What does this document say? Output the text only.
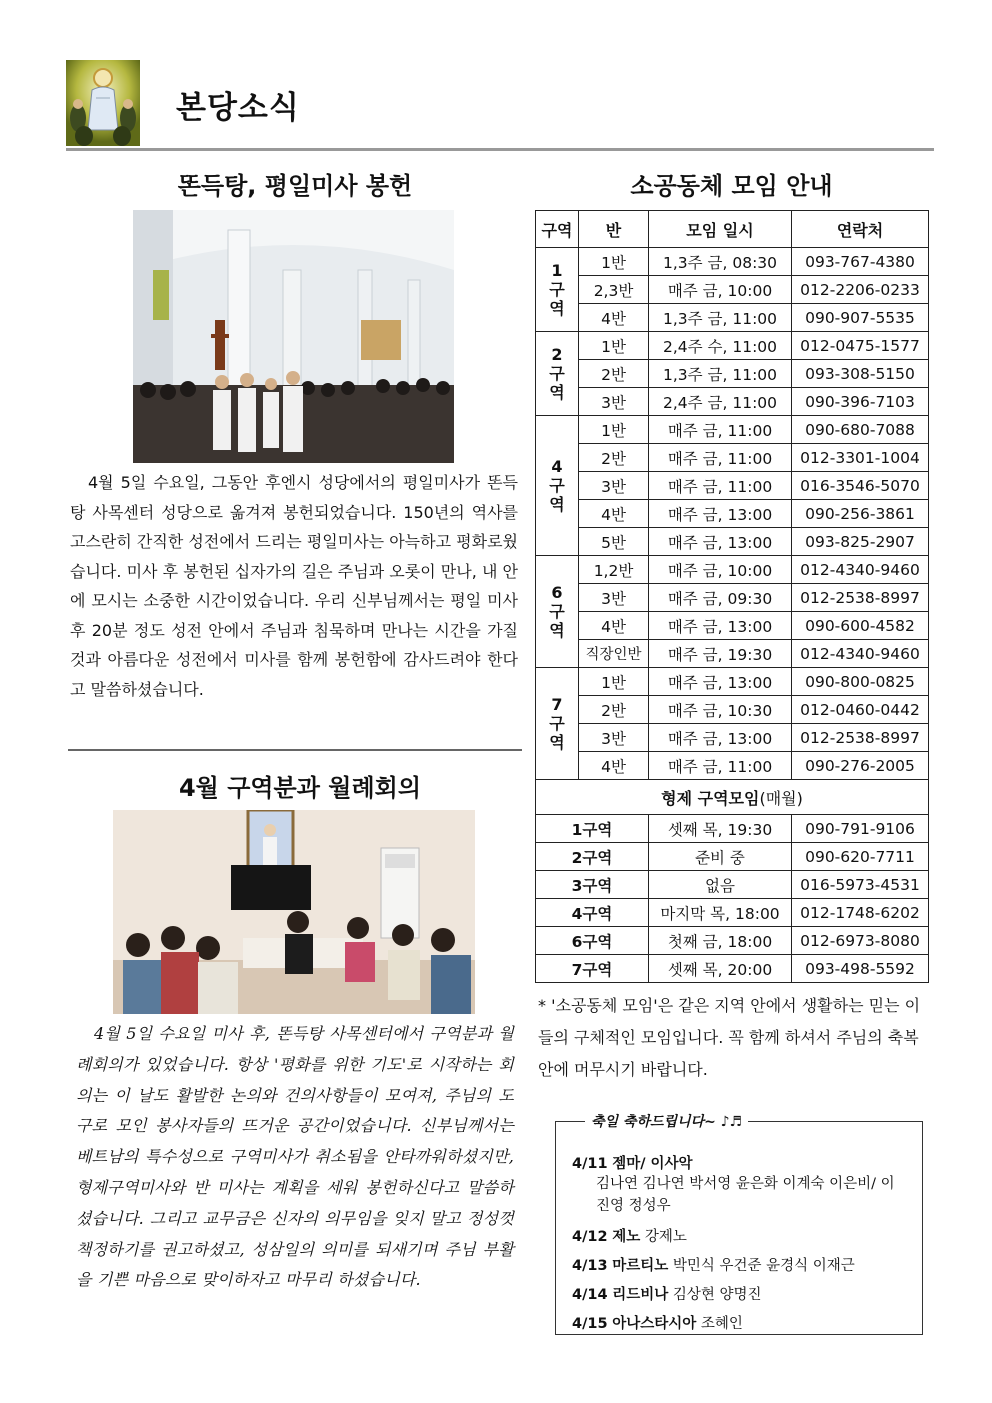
본당소식
똔득탕, 평일미사 봉헌

4월 5일 수요일, 그동안 후엔시 성당에서의 평일미사가 똔득탕 사목센터 성당으로 옮겨져 봉헌되었습니다. 150년의 역사를 고스란히 간직한 성전에서 드리는 평일미사는 아늑하고 평화로웠습니다. 미사 후 봉헌된 십자가의 길은 주님과 오롯이 만나, 내 안에 모시는 소중한 시간이었습니다. 우리 신부님께서는 평일 미사 후 20분 정도 성전 안에서 주님과 침묵하며 만나는 시간을 가질 것과 아름다운 성전에서 미사를 함께 봉헌함에 감사드려야 한다고 말씀하셨습니다.

4월 구역분과 월례회의

4월 5일 수요일 미사 후, 똔득탕 사목센터에서 구역분과 월례회의가 있었습니다. 항상 '평화를 위한 기도'로 시작하는 회의는 이 날도 활발한 논의와 건의사항들이 모여져, 주님의 도구로 모인 봉사자들의 뜨거운 공간이었습니다. 신부님께서는 베트남의 특수성으로 구역미사가 취소됨을 안타까워하셨지만, 형제구역미사와 반 미사는 계획을 세워 봉헌하신다고 말씀하셨습니다. 그리고 교무금은 신자의 의무임을 잊지 말고 정성껏 책정하기를 권고하셨고, 성삼일의 의미를 되새기며 주님 부활을 기쁜 마음으로 맞이하자고 마무리 하셨습니다.

소공동체 모임 안내
구역	반	모임 일시	연락처
1구역	1반	1,3주 금, 08:30	093-767-4380
	2,3반	매주 금, 10:00	012-2206-0233
	4반	1,3주 금, 11:00	090-907-5535
2구역	1반	2,4주 수, 11:00	012-0475-1577
	2반	1,3주 금, 11:00	093-308-5150
	3반	2,4주 금, 11:00	090-396-7103
4구역	1반	매주 금, 11:00	090-680-7088
	2반	매주 금, 11:00	012-3301-1004
	3반	매주 금, 11:00	016-3546-5070
	4반	매주 금, 13:00	090-256-3861
	5반	매주 금, 13:00	093-825-2907
6구역	1,2반	매주 금, 10:00	012-4340-9460
	3반	매주 금, 09:30	012-2538-8997
	4반	매주 금, 13:00	090-600-4582
	직장인반	매주 금, 19:30	012-4340-9460
7구역	1반	매주 금, 13:00	090-800-0825
	2반	매주 금, 10:30	012-0460-0442
	3반	매주 금, 13:00	012-2538-8997
	4반	매주 금, 11:00	090-276-2005
형제 구역모임(매월)			
1구역		셋째 목, 19:30	090-791-9106
2구역		준비 중	090-620-7711
3구역		없음	016-5973-4531
4구역		마지막 목, 18:00	012-1748-6202
6구역		첫째 금, 18:00	012-6973-8080
7구역		셋째 목, 20:00	093-498-5592

* '소공동체 모임'은 같은 지역 안에서 생활하는 믿는 이들의 구체적인 모임입니다. 꼭 함께 하셔서 주님의 축복 안에 머무시기 바랍니다.

축일 축하드립니다~ ♪♬
4/11 젬마/ 이사악
김나연 김나연 박서영 윤은화 이계숙 이은비/ 이진영 정성우
4/12 제노 강제노
4/13 마르티노 박민식 우건준 윤경식 이재근
4/14 리드비나 김상현 양명진
4/15 아나스타시아 조혜인
